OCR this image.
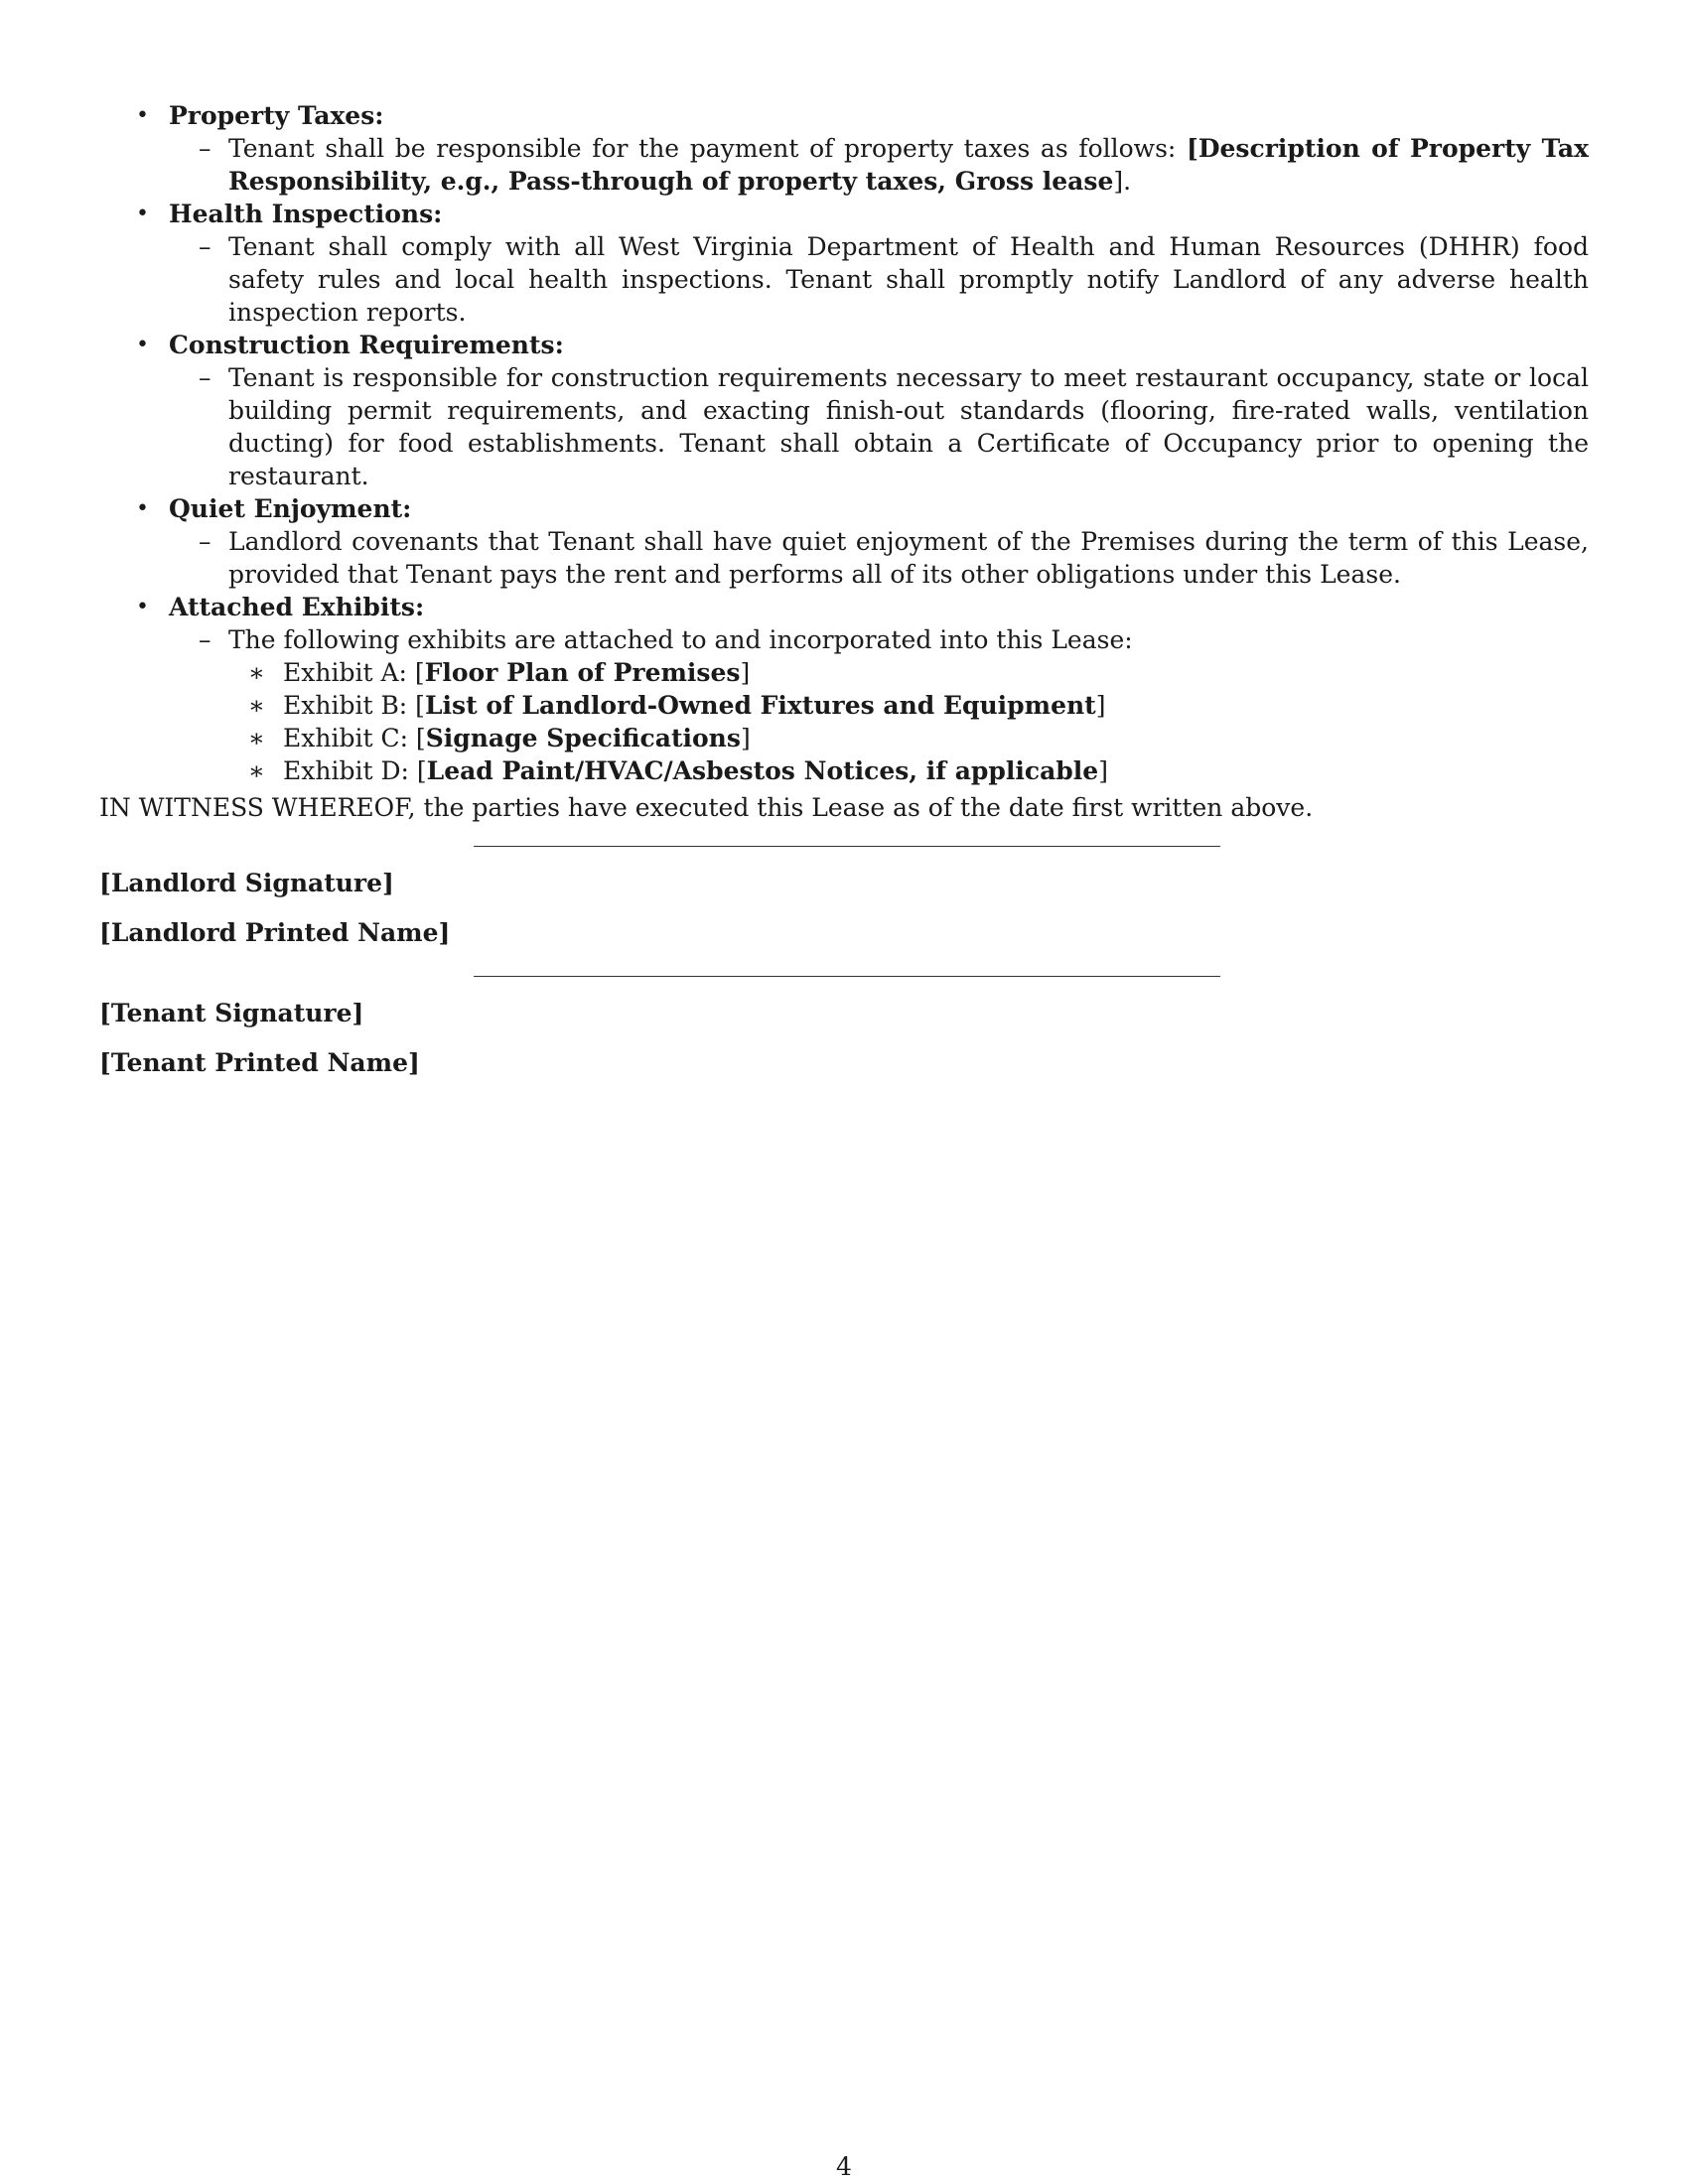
• Property Taxes:
– Tenant shall be responsible for the payment of property taxes as follows: [Description of Property Tax Responsibility, e.g., Pass-through of property taxes, Gross lease].
• Health Inspections:
– Tenant shall comply with all West Virginia Department of Health and Human Resources (DHHR) food safety rules and local health inspections. Tenant shall promptly notify Landlord of any adverse health inspection reports.
• Construction Requirements:
– Tenant is responsible for construction requirements necessary to meet restaurant occupancy, state or local building permit requirements, and exacting finish-out standards (flooring, fire-rated walls, ventilation ducting) for food establishments. Tenant shall obtain a Certificate of Occupancy prior to opening the restaurant.
• Quiet Enjoyment:
– Landlord covenants that Tenant shall have quiet enjoyment of the Premises during the term of this Lease, provided that Tenant pays the rent and performs all of its other obligations under this Lease.
• Attached Exhibits:
– The following exhibits are attached to and incorporated into this Lease:
∗ Exhibit A: [Floor Plan of Premises]
∗ Exhibit B: [List of Landlord-Owned Fixtures and Equipment]
∗ Exhibit C: [Signage Specifications]
∗ Exhibit D: [Lead Paint/HVAC/Asbestos Notices, if applicable]
IN WITNESS WHEREOF, the parties have executed this Lease as of the date first written above.
[Landlord Signature]
[Landlord Printed Name]
[Tenant Signature]
[Tenant Printed Name]
4
